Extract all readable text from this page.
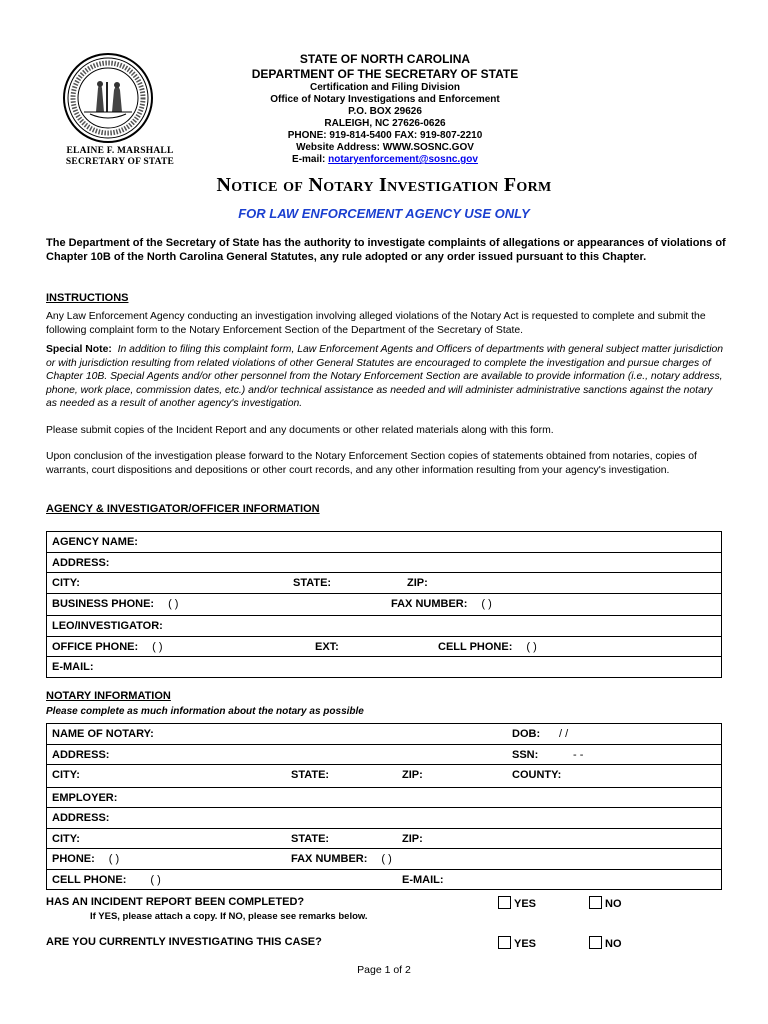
ELAINE F. MARSHALL
SECRETARY OF STATE
STATE OF NORTH CAROLINA
DEPARTMENT OF THE SECRETARY OF STATE
Certification and Filing Division
Office of Notary Investigations and Enforcement
P.O. BOX 29626
RALEIGH, NC 27626-0626
PHONE: 919-814-5400 FAX: 919-807-2210
Website Address: WWW.SOSNC.GOV
E-mail: notaryenforcement@sosnc.gov
Notice of Notary Investigation Form
FOR LAW ENFORCEMENT AGENCY USE ONLY
The Department of the Secretary of State has the authority to investigate complaints of allegations or appearances of violations of Chapter 10B of the North Carolina General Statutes, any rule adopted or any order issued pursuant to this Chapter.
INSTRUCTIONS
Any Law Enforcement Agency conducting an investigation involving alleged violations of the Notary Act is requested to complete and submit the following complaint form to the Notary Enforcement Section of the Department of the Secretary of State.
Special Note: In addition to filing this complaint form, Law Enforcement Agents and Officers of departments with general subject matter jurisdiction or with jurisdiction resulting from related violations of other General Statutes are encouraged to complete the investigation and pursue charges of Chapter 10B. Special Agents and/or other personnel from the Notary Enforcement Section are available to provide information (i.e., notary address, phone, work place, commission dates, etc.) and/or technical assistance as needed and will administer administrative sanctions against the notary as needed as a result of another agency's investigation.
Please submit copies of the Incident Report and any documents or other related materials along with this form.
Upon conclusion of the investigation please forward to the Notary Enforcement Section copies of statements obtained from notaries, copies of warrants, court dispositions and depositions or other court records, and any other information resulting from your agency's investigation.
AGENCY & INVESTIGATOR/OFFICER INFORMATION
AGENCY NAME:
ADDRESS:
CITY:	STATE:	ZIP:
BUSINESS PHONE: ( )	FAX NUMBER: ( )
LEO/INVESTIGATOR:
OFFICE PHONE: ( )	EXT:	CELL PHONE: ( )
E-MAIL:
NOTARY INFORMATION
Please complete as much information about the notary as possible
NAME OF NOTARY:	DOB: / /
ADDRESS:	SSN:	- -
CITY:	STATE:	ZIP:	COUNTY:
EMPLOYER:
ADDRESS:
CITY:	STATE:	ZIP:
PHONE: ( )	FAX NUMBER: ( )
CELL PHONE: ( )	E-MAIL:
HAS AN INCIDENT REPORT BEEN COMPLETED?
If YES, please attach a copy. If NO, please see remarks below.
YES	NO
ARE YOU CURRENTLY INVESTIGATING THIS CASE?	YES	NO
Page 1 of 2
